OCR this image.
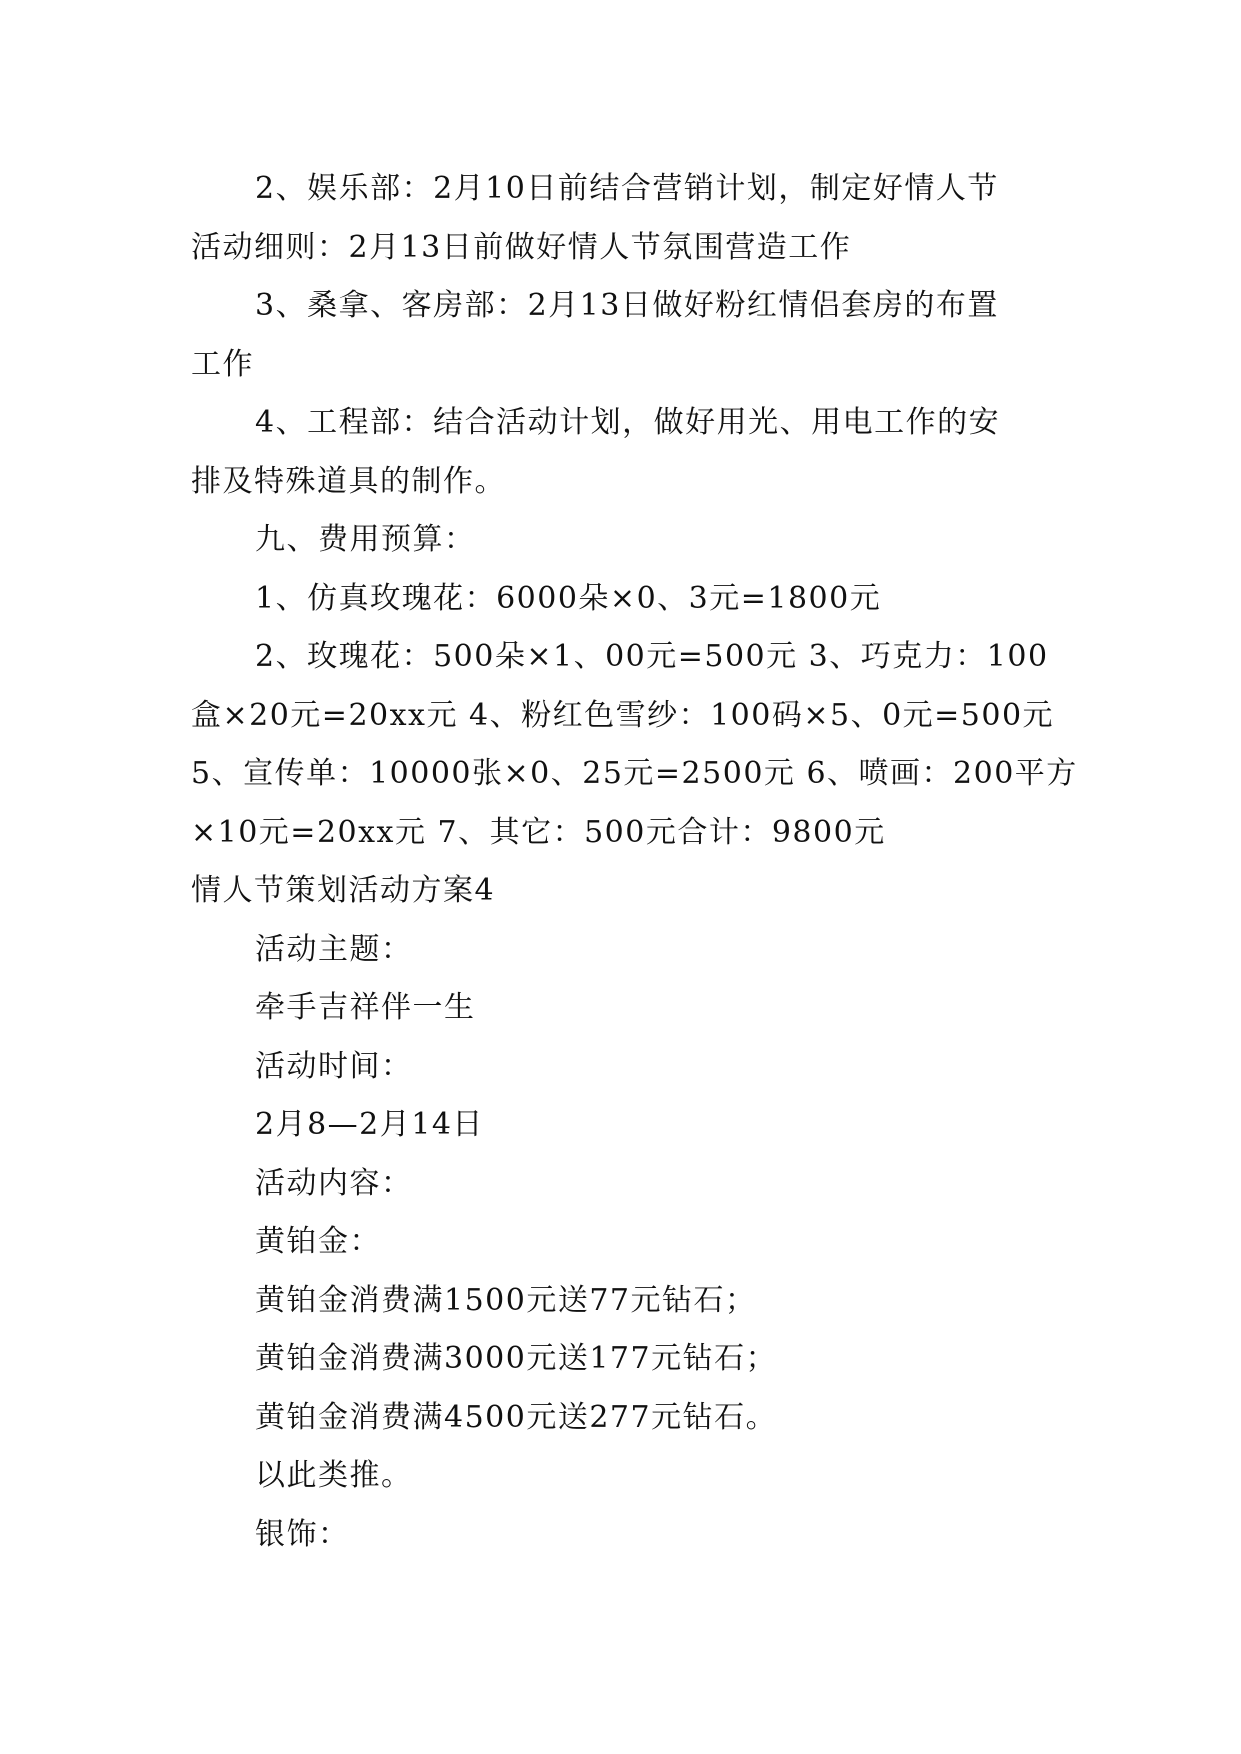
2、娱乐部：2月10日前结合营销计划，制定好情人节
活动细则：2月13日前做好情人节氛围营造工作
3、桑拿、客房部：2月13日做好粉红情侣套房的布置
工作
4、工程部：结合活动计划，做好用光、用电工作的安
排及特殊道具的制作。
九、费用预算：
1、仿真玫瑰花：6000朵×0、3元=1800元
2、玫瑰花：500朵×1、00元=500元 3、巧克力：100
盒×20元=20xx元 4、粉红色雪纱：100码×5、0元=500元
5、宣传单：10000张×0、25元=2500元 6、喷画：200平方
×10元=20xx元 7、其它：500元合计：9800元
情人节策划活动方案4
活动主题：
牵手吉祥伴一生
活动时间：
2月8—2月14日
活动内容：
黄铂金：
黄铂金消费满1500元送77元钻石；
黄铂金消费满3000元送177元钻石；
黄铂金消费满4500元送277元钻石。
以此类推。
银饰：
